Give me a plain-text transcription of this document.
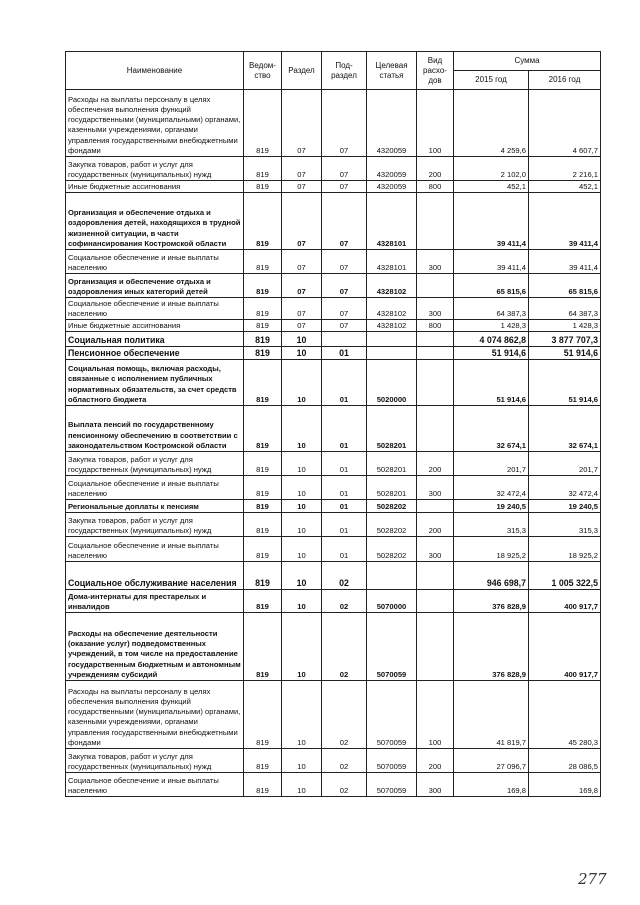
Наименование	Ведом-ство	Раздел	Под-раздел	Целевая статья	Вид расхо-дов	Сумма	
						2015 год	2016 год
Расходы на выплаты персоналу в целях обеспечения выполнения функций государственными (муниципальными) органами, казенными учреждениями, органами управления государственными внебюджетными фондами	819	07	07	4320059	100	4 259,6	4 607,7
Закупка товаров, работ и услуг для государственных (муниципальных) нужд	819	07	07	4320059	200	2 102,0	2 216,1
Иные бюджетные ассигнования	819	07	07	4320059	800	452,1	452,1
Организация и обеспечение отдыха и оздоровления детей, находящихся в трудной жизненной ситуации, в части софинансирования Костромской области	819	07	07	4328101		39 411,4	39 411,4
Социальное обеспечение и иные выплаты населению	819	07	07	4328101	300	39 411,4	39 411,4
Организация и обеспечение отдыха и оздоровления иных категорий детей	819	07	07	4328102		65 815,6	65 815,6
Социальное обеспечение и иные выплаты населению	819	07	07	4328102	300	64 387,3	64 387,3
Иные бюджетные ассигнования	819	07	07	4328102	800	1 428,3	1 428,3
Социальная политика	819	10				4 074 862,8	3 877 707,3
Пенсионное обеспечение	819	10	01			51 914,6	51 914,6
Социальная помощь, включая расходы, связанные с исполнением публичных нормативных обязательств, за счет средств областного бюджета	819	10	01	5020000		51 914,6	51 914,6
Выплата пенсий по государственному пенсионному обеспечению в соответствии с законодательством Костромской области	819	10	01	5028201		32 674,1	32 674,1
Закупка товаров, работ и услуг для государственных (муниципальных) нужд	819	10	01	5028201	200	201,7	201,7
Социальное обеспечение и иные выплаты населению	819	10	01	5028201	300	32 472,4	32 472,4
Региональные доплаты к пенсиям	819	10	01	5028202		19 240,5	19 240,5
Закупка товаров, работ и услуг для государственных (муниципальных) нужд	819	10	01	5028202	200	315,3	315,3
Социальное обеспечение и иные выплаты населению	819	10	01	5028202	300	18 925,2	18 925,2
Социальное обслуживание населения	819	10	02			946 698,7	1 005 322,5
Дома-интернаты для престарелых и инвалидов	819	10	02	5070000		376 828,9	400 917,7
Расходы на обеспечение деятельности (оказание услуг) подведомственных учреждений, в том числе на предоставление государственным бюджетным и автономным учреждениям субсидий	819	10	02	5070059		376 828,9	400 917,7
Расходы на выплаты персоналу в целях обеспечения выполнения функций государственными (муниципальными) органами, казенными учреждениями, органами управления государственными внебюджетными фондами	819	10	02	5070059	100	41 819,7	45 280,3
Закупка товаров, работ и услуг для государственных (муниципальных) нужд	819	10	02	5070059	200	27 096,7	28 086,5
Социальное обеспечение и иные выплаты населению	819	10	02	5070059	300	169,8	169,8
277
